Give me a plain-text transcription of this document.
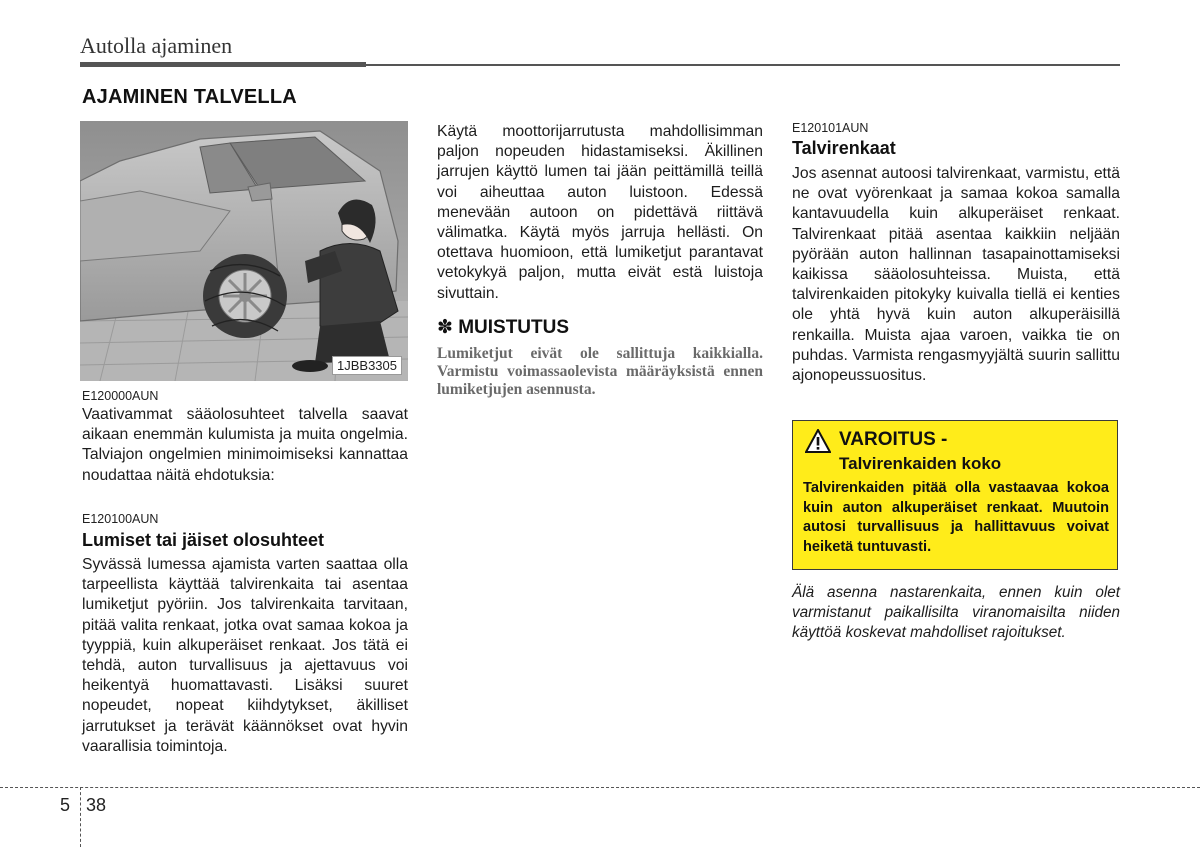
Autolla ajaminen
AJAMINEN TALVELLA
1JBB3305
E120000AUN
Vaativammat sääolosuhteet talvella saavat aikaan enemmän kulumista ja muita ongelmia. Talviajon ongelmien minimoimiseksi kannattaa noudattaa näitä ehdotuksia:
E120100AUN
Lumiset tai jäiset olosuhteet
Syvässä lumessa ajamista varten saattaa olla tarpeellista käyttää talvirenkaita tai asentaa lumiketjut pyöriin. Jos talvirenkaita tarvitaan, pitää valita renkaat, jotka ovat samaa kokoa ja tyyppiä, kuin alkuperäiset renkaat. Jos tätä ei tehdä, auton turvallisuus ja ajettavuus voi heikentyä huomattavasti. Lisäksi suuret nopeudet, nopeat kiihdytykset, äkilliset jarrutukset ja terävät käännökset ovat hyvin vaarallisia toimintoja.
Käytä moottorijarrutusta mahdollisimman paljon nopeuden hidastamiseksi. Äkillinen jarrujen käyttö lumen tai jään peittämillä teillä voi aiheuttaa auton luistoon. Edessä menevään autoon on pidettävä riittävä välimatka. Käytä myös jarruja hellästi. On otettava huomioon, että lumiketjut parantavat vetokykyä paljon, mutta eivät estä luistoja sivuttain.
✽ MUISTUTUS
Lumiketjut eivät ole sallittuja kaikkialla. Varmistu voimassaolevista määräyksistä ennen lumiketjujen asennusta.
E120101AUN
Talvirenkaat
Jos asennat autoosi talvirenkaat, varmistu, että ne ovat vyörenkaat ja samaa kokoa samalla kantavuudella kuin alkuperäiset renkaat. Talvirenkaat pitää asentaa kaikkiin neljään pyörään auton hallinnan tasapainottamiseksi kaikissa sääolosuhteissa. Muista, että talvirenkaiden pitokyky kuivalla tiellä ei kenties ole yhtä hyvä kuin auton alkuperäisillä renkailla. Muista ajaa varoen, vaikka tie on puhdas. Varmista rengasmyyjältä suurin sallittu ajonopeussuositus.
VAROITUS -
Talvirenkaiden koko
Talvirenkaiden pitää olla vastaavaa kokoa kuin auton alkuperäiset renkaat. Muutoin autosi turvallisuus ja hallittavuus voivat heiketä tuntuvasti.
Älä asenna nastarenkaita, ennen kuin olet varmistanut paikallisilta viranomaisilta niiden käyttöä koskevat mahdolliset rajoitukset.
5 38
